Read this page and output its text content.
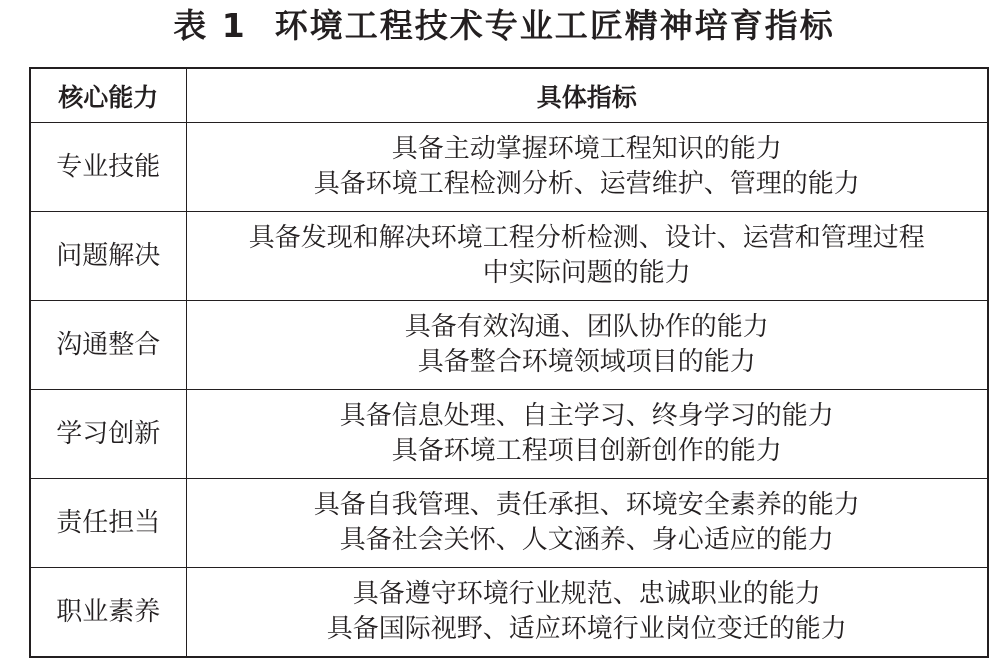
表 1 环境工程技术专业工匠精神培育指标
核心能力	具体指标
专业技能	具备主动掌握环境工程知识的能力
具备环境工程检测分析、运营维护、管理的能力

问题解决	具备发现和解决环境工程分析检测、设计、运营和管理过程
中实际问题的能力

沟通整合	具备有效沟通、团队协作的能力
具备整合环境领域项目的能力

学习创新	具备信息处理、自主学习、终身学习的能力
具备环境工程项目创新创作的能力

责任担当	具备自我管理、责任承担、环境安全素养的能力
具备社会关怀、人文涵养、身心适应的能力

职业素养	具备遵守环境行业规范、忠诚职业的能力
具备国际视野、适应环境行业岗位变迁的能力
